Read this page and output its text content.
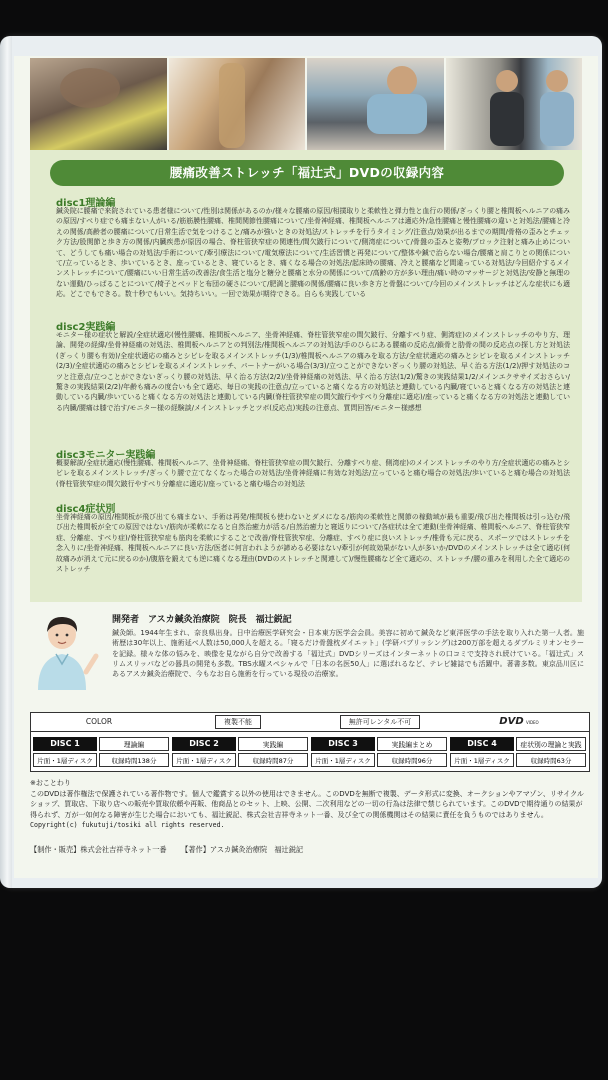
腰痛改善ストレッチ「福辻式」DVDの収録内容
disc1理論編
鍼灸院に腰痛で来院されている患者様について/性別は関係があるのか/様々な腰痛の原因/相撲取りと柔軟性と弾力性と血行の関係/ぎっくり腰と椎間板ヘルニアの痛みの原因/すべり症でも痛まない人がいる/筋筋膜性腰痛、椎間関節性腰痛について/坐骨神経痛、椎間板ヘルニアは適応外/急性腰痛と慢性腰痛の違いと対処法/腰痛と冷えの関係/高齢者の腰痛について/日常生活で気をつけること/痛みが強いときの対処法/ストレッチを行うタイミング/注意点/効果が出るまでの期間/骨格の歪みとチェック方法/股関節と歩き方の関係/内臓疾患が原因の場合、脊柱管狭窄症の関連性/間欠跛行について/側湾症について/骨盤の歪みと姿勢/ブロック注射と痛み止めについて、どうしても痛い場合の対処法/手術について/牽引療法について/電気療法について/生活習慣と再発について/整体や鍼で治らない場合/腰痛と肩こりとの関係について/立っているとき、歩いているとき、座っているとき、寝ているとき、痛くなる場合の対処法/起床時の腰痛、冷えと腰痛など間違っている対処法/今回紹介するメインストレッチについて/腰痛にいい日常生活の改善法/食生活と塩分と糖分と腰痛と水分の関係について/高齢の方が多い理由/痛い時のマッサージと対処法/安静と無理のない運動/ひっぱることについて/椅子とベッドと布団の硬さについて/肥満と腰痛の関係/腰痛に良い歩き方と骨盤について/今回のメインストレッチはどんな症状にも適応。どこでもできる。数十秒でもいい。気持ちいい。一回で効果が期待できる。自らも実践している
disc2実践編
モニター様の症状と解説/全症状適応(慢性腰痛、椎間板ヘルニア、坐骨神経痛、脊柱管狭窄症の間欠跛行、分離すべり症、側湾症)のメインストレッチのやり方、理論、開発の経緯/坐骨神経痛の対処法、椎間板ヘルニアとの判別法/椎間板ヘルニアの対処法/手のひらにある腰痛の反応点/鎖骨と肋骨の間の反応点の探し方と対処法(ぎっくり腰も有効)/全症状適応の痛みとシビレを取るメインストレッチ(1/3)/椎間板ヘルニアの痛みを取る方法/全症状適応の痛みとシビレを取るメインストレッチ(2/3)/全症状適応の痛みとシビレを取るメインストレッチ、パートナーがいる場合(3/3)/立つことができないぎっくり腰の対処法、早く治る方法(1/2)/押す対処法のコツと注意点/立つことができないぎっくり腰の対処法、早く治る方法(2/2)/坐骨神経痛の対処法、早く治る方法(1/2)/驚きの実践結果1/2/メインエクササイズおさらい/驚きの実践結果(2/2)/年齢も痛みの度合いも全て適応、毎日の実践の注意点/立っていると痛くなる方の対処法と連動している内臓/寝ていると痛くなる方の対処法と連動している内臓/歩いていると痛くなる方の対処法と連動している内臓(脊柱管狭窄症の間欠跛行やすべり分離症に適応)/座っていると痛くなる方の対処法と連動している内臓/腰痛は膝で治す/モニター様の経験談/メインストレッチとツボ(反応点)実践の注意点、質問回答/モニター様感想
disc3モニター実践編
概要解説/全症状適応(慢性腰痛、椎間板ヘルニア、坐骨神経痛、脊柱管狭窄症の間欠跛行、分離すべり症、側湾症)のメインストレッチのやり方/全症状適応の痛みとシビレを取るメインストレッチ/ぎっくり腰で立てなくなった場合の対処法/坐骨神経痛に有効な対処法/立っていると痛む場合の対処法/歩いていると痛む場合の対処法(脊柱管狭窄症の間欠跛行やすべり分離症に適応)/座っていると痛む場合の対処法
disc4症状別
坐骨神経痛の原因/椎間板が飛び出ても痛まない、手術は再発/椎間板も使わないとダメになる/筋肉の柔軟性と関節の稼動域が最も重要/飛び出た椎間板は引っ込む/飛び出た椎間板が全ての原因ではない/筋肉が柔軟になると自然治癒力が活る/自然治癒力と寝返りについて/各症状は全て連動(坐骨神経痛、椎間板ヘルニア、脊柱管狭窄症、分離症、すべり症)/脊柱管狭窄症も筋肉を柔軟にすることで改善/脊柱管狭窄症、分離症、すべり症に良いストレッチ/椎骨も元に戻る、スポーツではストレッチを念入りに/坐骨神経痛、椎間板ヘルニアに良い方法/医者に何言われようが諦める必要はない/牽引が何故効果がない人が多いか/DVDのメインストレッチは全て適応(何故痛みが消えて元に戻るのか)/腹筋を鍛えても逆に痛くなる理由(DVDのストレッチと関連して)/慢性腰痛など全て適応の、ストレッチ/腰の重みを利用した全て適応のストレッチ
開発者　アスカ鍼灸治療院　院長　福辻鋭記
鍼灸師。1944年生まれ、奈良県出身。日中治療医学研究会・日本東方医学会会員。美容に初めて鍼灸など東洋医学の手法を取り入れた第一人者。施術歴は30年以上、施術延べ人数は50,000人を超える。「寝るだけ骨盤枕ダイエット」(学研パブリッシング)は200万部を超えるダブルミリオンセラーを記録。様々な体の悩みを、映像を見ながら自分で改善する「福辻式」DVDシリーズはインターネットの口コミで支持され続けている。「福辻式」スリムスリッパなどの器具の開発も多数。TBS水曜スペシャルで「日本の名医50人」に選ばれるなど、テレビ雑誌でも活躍中。著書多数。東京品川区にあるアスカ鍼灸治療院で、今もなお自ら施術を行っている現役の治療家。
COLOR	複製不能	無許可レンタル不可	DVD VIDEO
DISC 1	理論編
片面・1層ディスク	収録時間138分
DISC 2	実践編
片面・1層ディスク	収録時間87分
DISC 3	実践編まとめ
片面・1層ディスク	収録時間96分
DISC 4	症状別の理論と実践
片面・1層ディスク	収録時間63分
※おことわり
このDVDは著作権法で保護されている著作物です。個人で鑑賞する以外の使用はできません。このDVDを無断で複製、データ形式に変換、オークションやアマゾン、リサイクルショップ、買取店、下取り店への販売や買取依頼や再販、他商品とのセット、上映、公開、二次利用などの一切の行為は法律で禁じられています。このDVDで期待通りの結果が得られず、万が一如何なる障害が生じた場合においても、福辻鋭記、株式会社吉祥寺ネット一番、及び全ての関係機関はその結果に責任を負うものではありません。
Copyright(c) fukutuji/tosiki all rights reserved.
【制作・販売】株式会社吉祥寺ネット一番 【著作】アスカ鍼灸治療院　福辻鋭記
